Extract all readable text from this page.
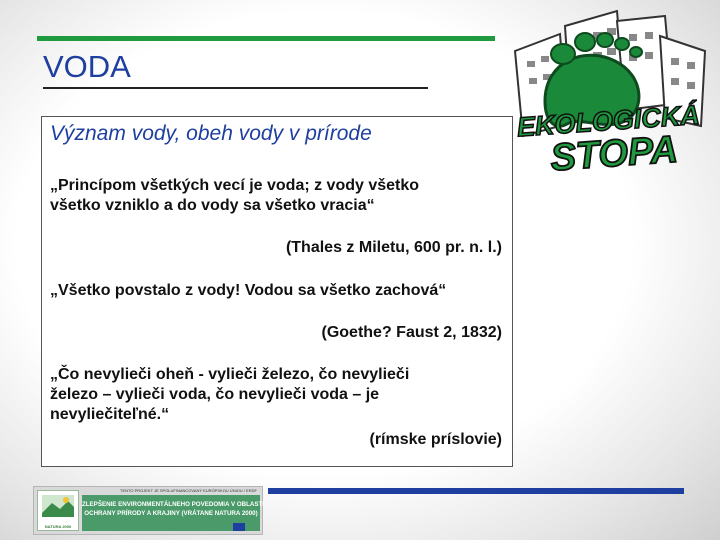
VODA
Význam vody, obeh vody v prírode

„Princípom všetkých vecí je voda; z vody všetko všetko vzniklo a do vody sa všetko vracia“

(Thales z Miletu, 600 pr. n. l.)

„Všetko povstalo z vody! Vodou sa všetko zachová“

(Goethe? Faust 2, 1832)

„Čo nevylieči oheň - vylieči železo, čo nevylieči železo – vylieči voda, čo nevylieči voda – je nevyliečiteľné.“

(rímske príslovie)

EKOLOGICKÁ
STOPA
NATURA 2000
TENTO PROJEKT JE SPOLUFINANCOVANÝ EURÓPSKOU ÚNIOU / ERDF
ZLEPŠENIE ENVIRONMENTÁLNEHO POVEDOMIA V OBLASTI
OCHRANY PRÍRODY A KRAJINY (VRÁTANE NATURA 2000)
